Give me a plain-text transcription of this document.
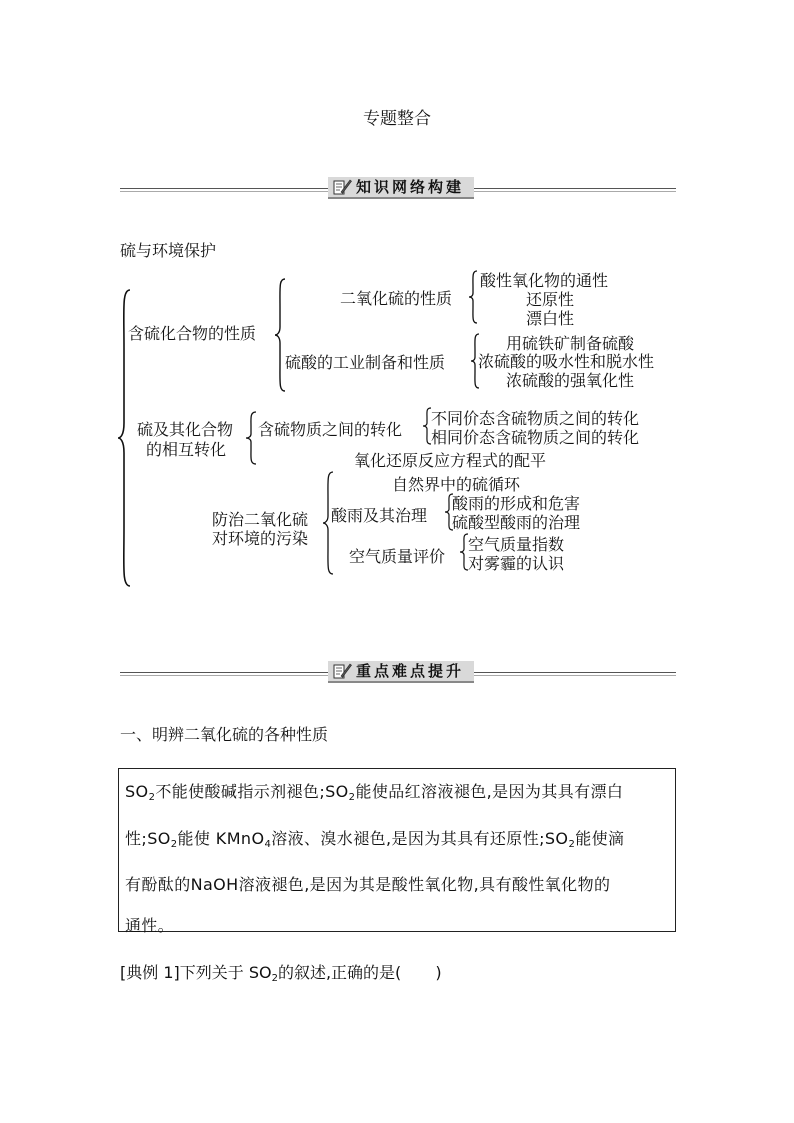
专题整合
知识网络构建
硫与环境保护
含硫化合物的性质
二氧化硫的性质
酸性氧化物的通性
还原性
漂白性
硫酸的工业制备和性质
用硫铁矿制备硫酸
浓硫酸的吸水性和脱水性
浓硫酸的强氧化性
硫及其化合物
的相互转化
含硫物质之间的转化
不同价态含硫物质之间的转化
相同价态含硫物质之间的转化
氧化还原反应方程式的配平
防治二氧化硫
对环境的污染
自然界中的硫循环
酸雨及其治理
酸雨的形成和危害
硫酸型酸雨的治理
空气质量评价
空气质量指数
对雾霾的认识
重点难点提升
一、明辨二氧化硫的各种性质

$SO_2$不能使酸碱指示剂褪色$;SO_2$能使品红溶液褪色,是因为其具有漂白

性$;SO_2$能使 KMnO$_4$溶液、溴水褪色,是因为其具有还原性$;SO_2$能使滴

有酚酞的NaOH溶液褪色,是因为其是酸性氧化物,具有酸性氧化物的

通性。

[典例 1]下列关于 $SO_2$的叙述,正确的是( )
